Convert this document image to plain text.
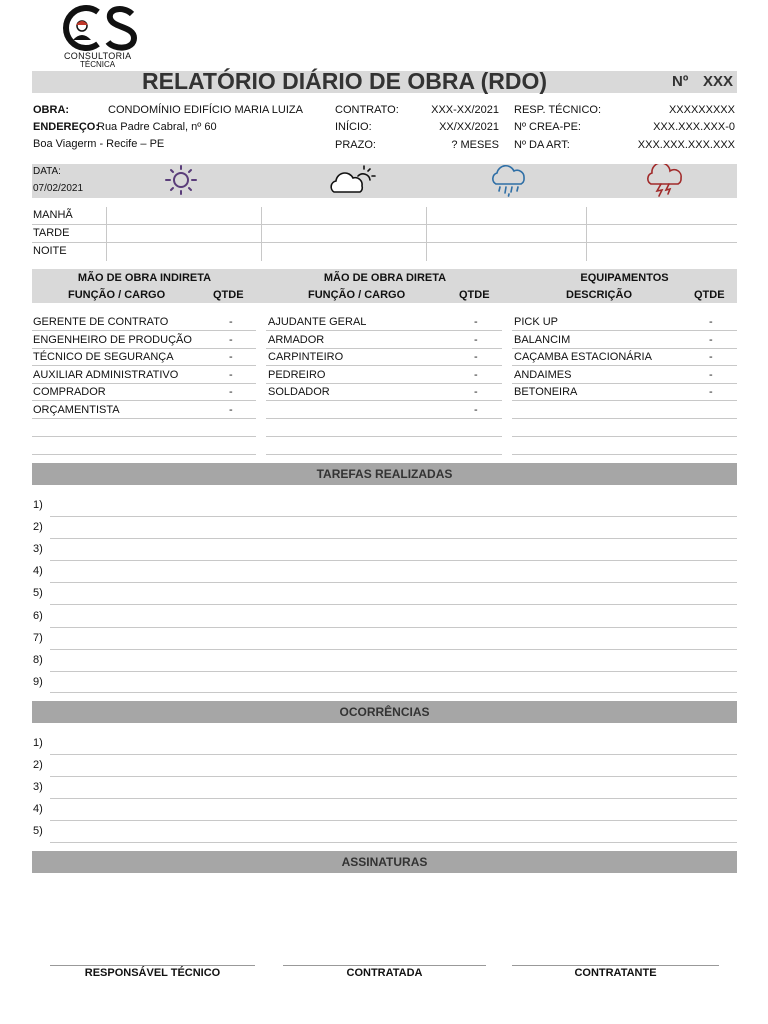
CONSULTORIA
TÉCNICA
RELATÓRIO DIÁRIO DE OBRA (RDO)	Nº XXX
OBRA:	CONDOMÍNIO EDIFÍCIO MARIA LUIZA
ENDEREÇO:
Rua Padre Cabral, nº 60
Boa Viagerm - Recife – PE
CONTRATO:	XXX-XX/2021
INÍCIO:	XX/XX/2021
PRAZO:	? MESES
RESP. TÉCNICO:	XXXXXXXXX
Nº CREA-PE:	XXX.XXX.XXX-0
Nº DA ART:	XXX.XXX.XXX.XXX
DATA:
07/02/2021
MANHÃ
TARDE
NOITE
MÃO DE OBRA INDIRETA
FUNÇÃO / CARGO	QTDE
MÃO DE OBRA DIRETA
FUNÇÃO / CARGO	QTDE
EQUIPAMENTOS
DESCRIÇÃO	QTDE
GERENTE DE CONTRATO	-
ENGENHEIRO DE PRODUÇÃO	-
TÉCNICO DE SEGURANÇA	-
AUXILIAR ADMINISTRATIVO	-
COMPRADOR	-
ORÇAMENTISTA	-
AJUDANTE GERAL	-
ARMADOR	-
CARPINTEIRO	-
PEDREIRO	-
SOLDADOR	-
-
PICK UP	-
BALANCIM	-
CAÇAMBA ESTACIONÁRIA	-
ANDAIMES	-
BETONEIRA	-
TAREFAS REALIZADAS
1)
2)
3)
4)
5)
6)
7)
8)
9)
OCORRÊNCIAS
1)
2)
3)
4)
5)
ASSINATURAS
RESPONSÁVEL TÉCNICO	CONTRATADA	CONTRATANTE
